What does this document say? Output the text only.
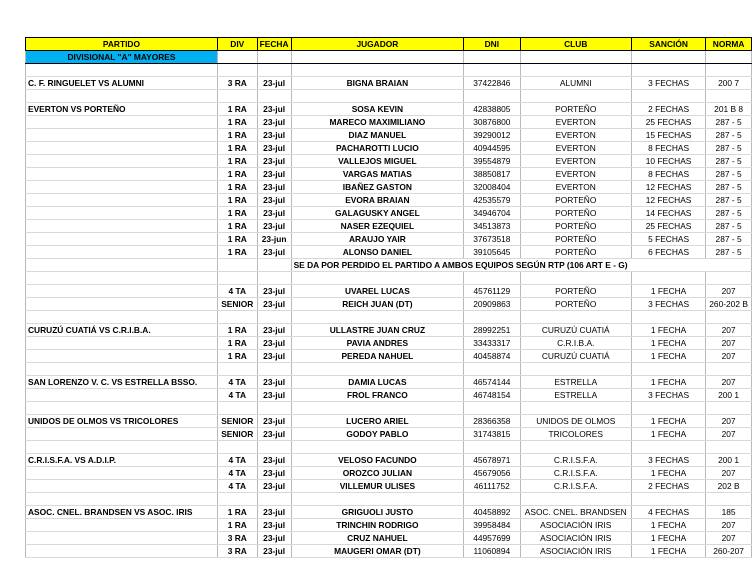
PARTIDO	DIV	FECHA	JUGADOR	DNI	CLUB	SANCIÓN	NORMA
DIVISIONAL "A" MAYORES							

C. F. RINGUELET VS ALUMNI	3 RA	23-jul	BIGNA BRAIAN	37422846	ALUMNI	3 FECHAS	200 7

EVERTON VS PORTEÑO	1 RA	23-jul	SOSA KEVIN	42838805	PORTEÑO	2 FECHAS	201 B 8
	1 RA	23-jul	MARECO MAXIMILIANO	30876800	EVERTON	25 FECHAS	287 - 5
	1 RA	23-jul	DIAZ MANUEL	39290012	EVERTON	15 FECHAS	287 - 5
	1 RA	23-jul	PACHAROTTI LUCIO	40944595	EVERTON	8 FECHAS	287 - 5
	1 RA	23-jul	VALLEJOS MIGUEL	39554879	EVERTON	10 FECHAS	287 - 5
	1 RA	23-jul	VARGAS MATIAS	38850817	EVERTON	8 FECHAS	287 - 5
	1 RA	23-jul	IBAÑEZ GASTON	32008404	EVERTON	12 FECHAS	287 - 5
	1 RA	23-jul	EVORA BRAIAN	42535579	PORTEÑO	12 FECHAS	287 - 5
	1 RA	23-jul	GALAGUSKY ANGEL	34946704	PORTEÑO	14 FECHAS	287 - 5
	1 RA	23-jul	NASER EZEQUIEL	34513873	PORTEÑO	25 FECHAS	287 - 5
	1 RA	23-jun	ARAUJO YAIR	37673518	PORTEÑO	5 FECHAS	287 - 5
	1 RA	23-jul	ALONSO DANIEL	39105645	PORTEÑO	6 FECHAS	287 - 5
			SE DA POR PERDIDO EL PARTIDO A AMBOS EQUIPOS SEGÚN RTP (106 ART E - G)				

	4 TA	23-jul	UVAREL LUCAS	45761129	PORTEÑO	1 FECHA	207
	SENIOR	23-jul	REICH JUAN (DT)	20909863	PORTEÑO	3 FECHAS	260-202 B

CURUZÚ CUATIÁ VS C.R.I.B.A.	1 RA	23-jul	ULLASTRE JUAN CRUZ	28992251	CURUZÚ CUATIÁ	1 FECHA	207
	1 RA	23-jul	PAVIA ANDRES	33433317	C.R.I.B.A.	1 FECHA	207
	1 RA	23-jul	PEREDA NAHUEL	40458874	CURUZÚ CUATIÁ	1 FECHA	207

SAN LORENZO V. C. VS ESTRELLA BSSO.	4 TA	23-jul	DAMIA LUCAS	46574144	ESTRELLA	1 FECHA	207
	4 TA	23-jul	FROL FRANCO	46748154	ESTRELLA	3 FECHAS	200 1

UNIDOS DE OLMOS VS TRICOLORES	SENIOR	23-jul	LUCERO ARIEL	28366358	UNIDOS DE OLMOS	1 FECHA	207
	SENIOR	23-jul	GODOY PABLO	31743815	TRICOLORES	1 FECHA	207

C.R.I.S.F.A. VS A.D.I.P.	4 TA	23-jul	VELOSO FACUNDO	45678971	C.R.I.S.F.A.	3 FECHAS	200 1
	4 TA	23-jul	OROZCO JULIAN	45679056	C.R.I.S.F.A.	1 FECHA	207
	4 TA	23-jul	VILLEMUR ULISES	46111752	C.R.I.S.F.A.	2 FECHAS	202 B

ASOC. CNEL. BRANDSEN VS ASOC. IRIS	1 RA	23-jul	GRIGUOLI JUSTO	40458892	ASOC. CNEL. BRANDSEN	4 FECHAS	185
	1 RA	23-jul	TRINCHIN RODRIGO	39958484	ASOCIACIÓN IRIS	1 FECHA	207
	3 RA	23-jul	CRUZ NAHUEL	44957699	ASOCIACIÓN IRIS	1 FECHA	207
	3 RA	23-jul	MAUGERI OMAR (DT)	11060894	ASOCIACIÓN IRIS	1 FECHA	260-207
